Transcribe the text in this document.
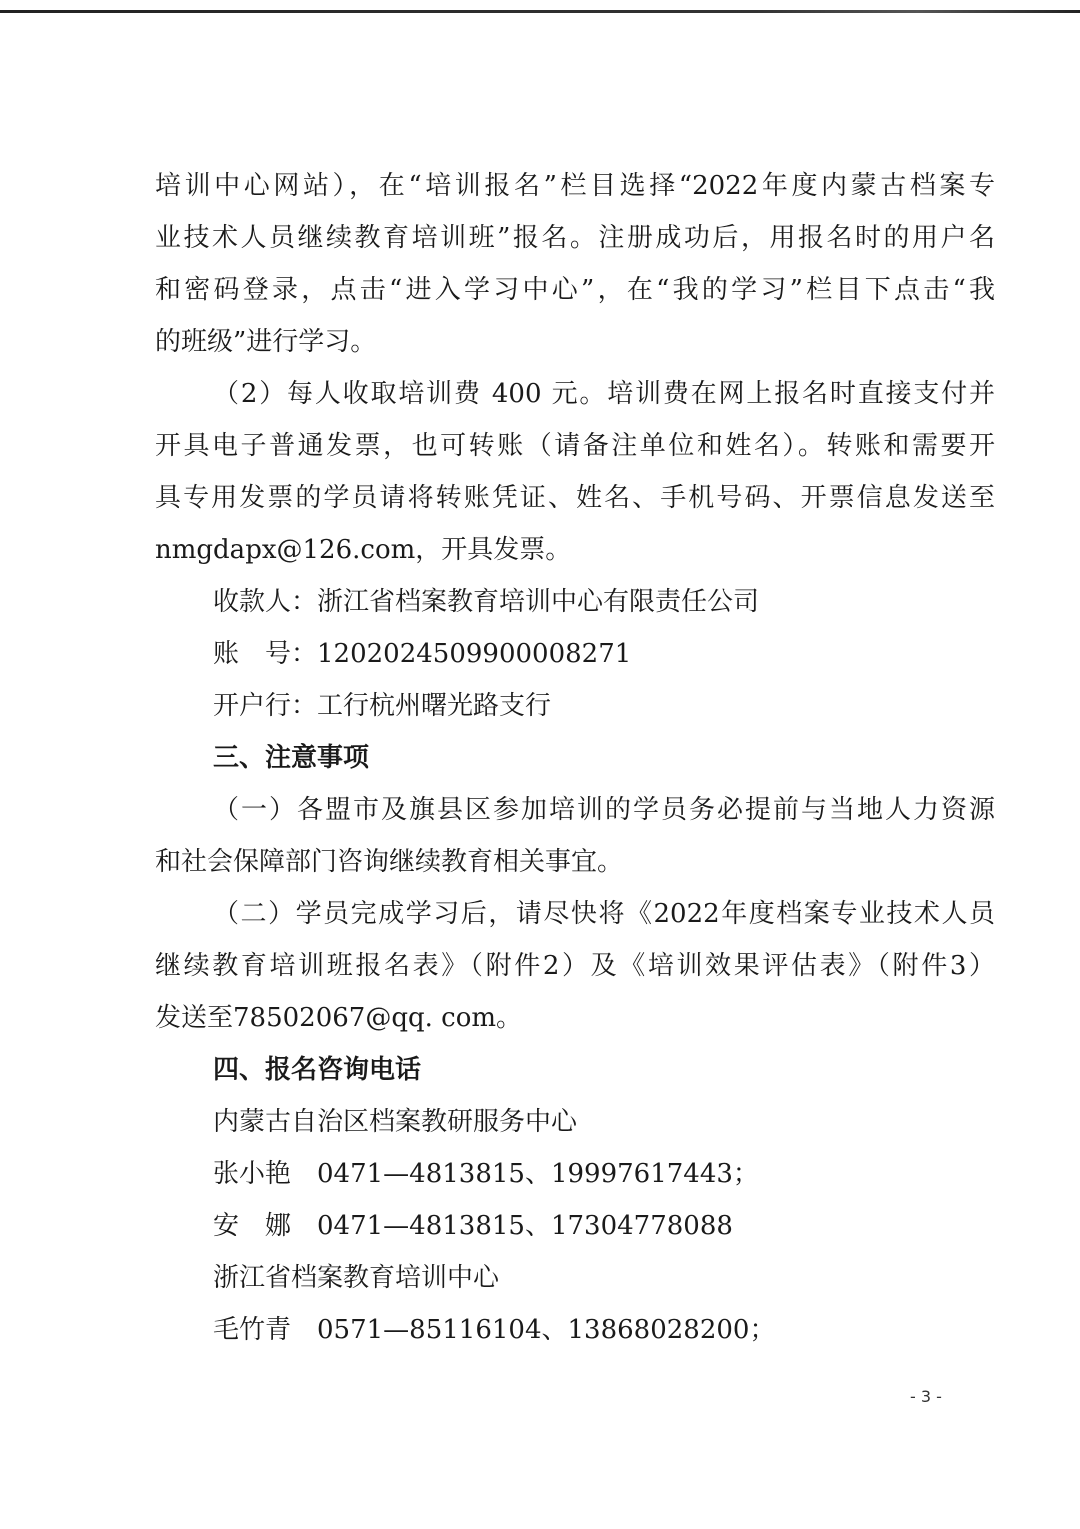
培训中心网站），在“培训报名”栏目选择“2022年度内蒙古档案专
业技术人员继续教育培训班”报名。注册成功后，用报名时的用户名
和密码登录，点击“进入学习中心”，在“我的学习”栏目下点击“我
的班级”进行学习。
（2）每人收取培训费 400 元。培训费在网上报名时直接支付并
开具电子普通发票，也可转账（请备注单位和姓名）。转账和需要开
具专用发票的学员请将转账凭证、姓名、手机号码、开票信息发送至
nmgdapx@126.com，开具发票。
收款人：浙江省档案教育培训中心有限责任公司
账　号：1202024509900008271
开户行：工行杭州曙光路支行
三、注意事项
（一）各盟市及旗县区参加培训的学员务必提前与当地人力资源
和社会保障部门咨询继续教育相关事宜。
（二）学员完成学习后，请尽快将《2022年度档案专业技术人员
继续教育培训班报名表》（附件2）及《培训效果评估表》（附件3）
发送至78502067@qq. com。
四、报名咨询电话
内蒙古自治区档案教研服务中心
张小艳　0471—4813815、19997617443；
安　娜　0471—4813815、17304778088
浙江省档案教育培训中心
毛竹青　0571—85116104、13868028200；
- 3 -
